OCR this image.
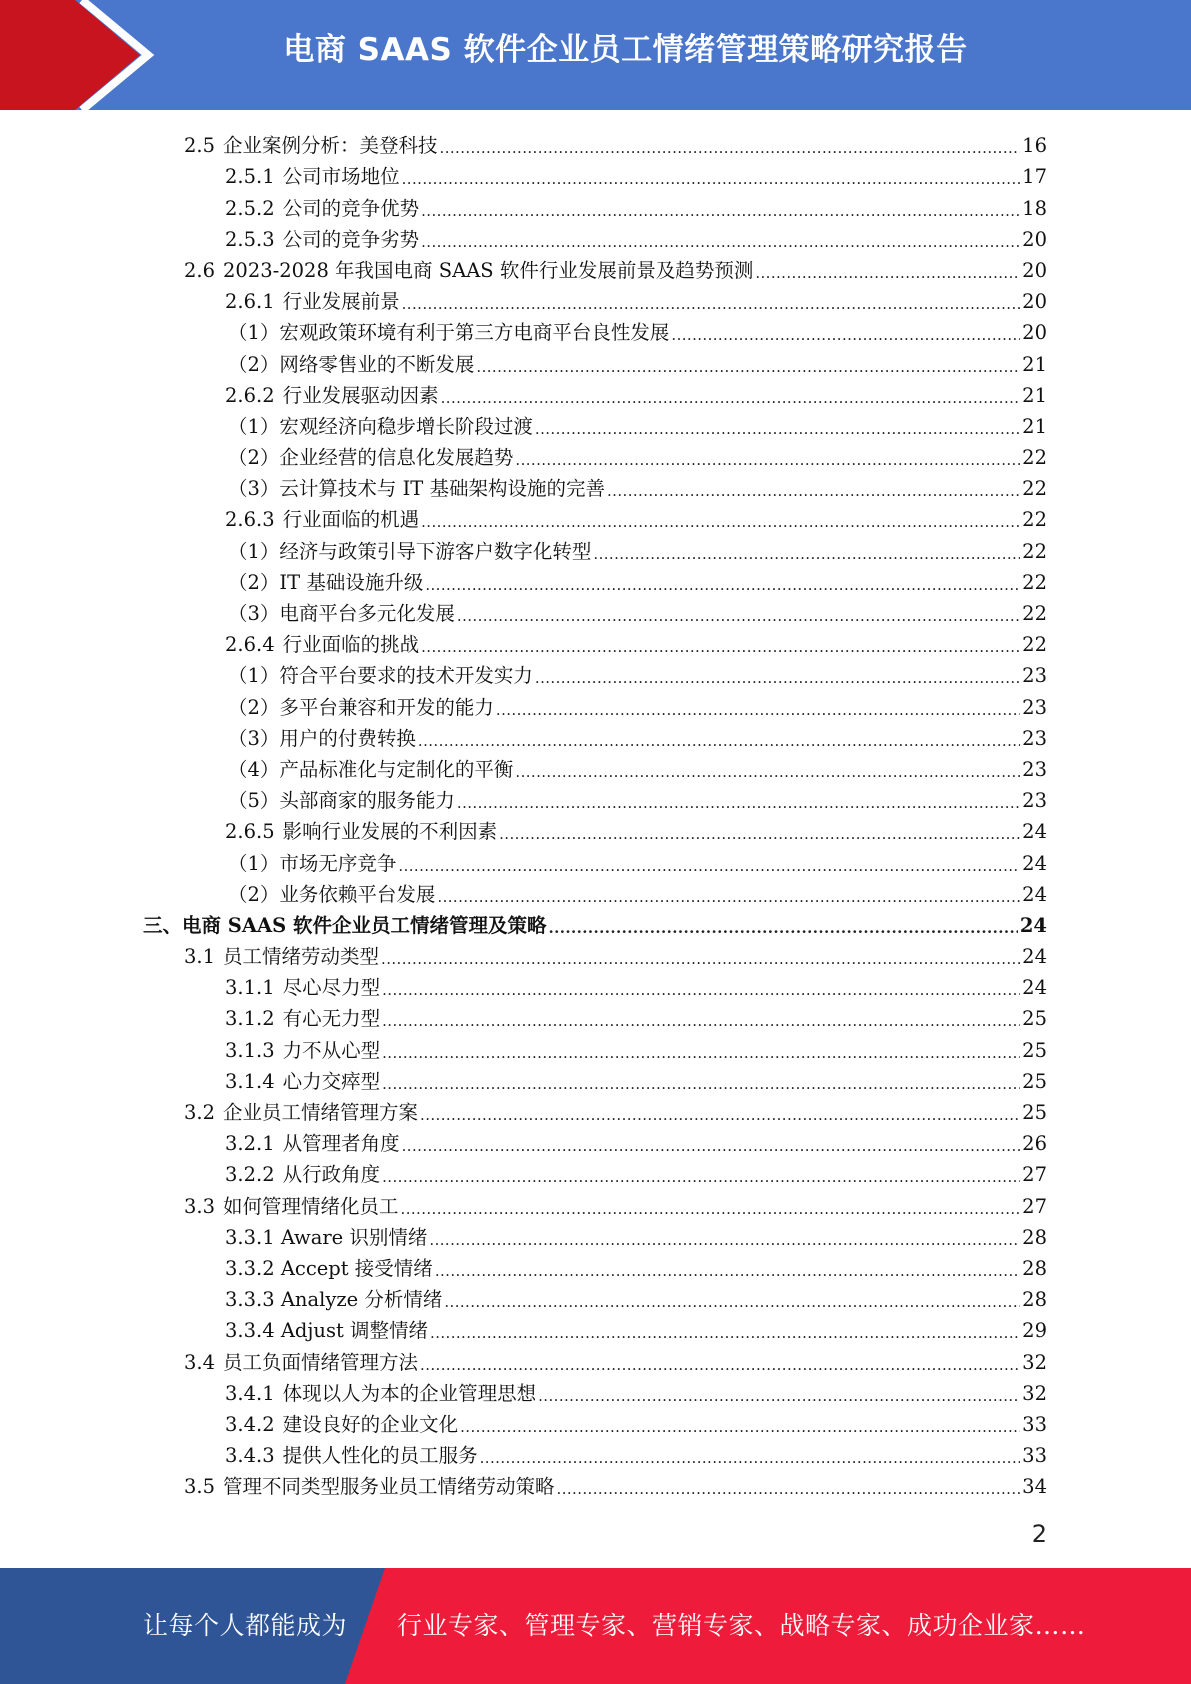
电商 SAAS 软件企业员工情绪管理策略研究报告
2.5 企业案例分析：美登科技 .....	16
2.5.1 公司市场地位 .....	17
2.5.2 公司的竞争优势 .....	18
2.5.3 公司的竞争劣势 .....	20
2.6 2023-2028 年我国电商 SAAS 软件行业发展前景及趋势预测 .....	20
2.6.1 行业发展前景 .....	20
（1）宏观政策环境有利于第三方电商平台良性发展 .....	20
（2）网络零售业的不断发展 .....	21
2.6.2 行业发展驱动因素 .....	21
（1）宏观经济向稳步增长阶段过渡 .....	21
（2）企业经营的信息化发展趋势 .....	22
（3）云计算技术与 IT 基础架构设施的完善 .....	22
2.6.3 行业面临的机遇 .....	22
（1）经济与政策引导下游客户数字化转型 .....	22
（2）IT 基础设施升级 .....	22
（3）电商平台多元化发展 .....	22
2.6.4 行业面临的挑战 .....	22
（1）符合平台要求的技术开发实力 .....	23
（2）多平台兼容和开发的能力 .....	23
（3）用户的付费转换 .....	23
（4）产品标准化与定制化的平衡 .....	23
（5）头部商家的服务能力 .....	23
2.6.5 影响行业发展的不利因素 .....	24
（1）市场无序竞争 .....	24
（2）业务依赖平台发展 .....	24
三、电商 SAAS 软件企业员工情绪管理及策略 .....	24
3.1 员工情绪劳动类型 .....	24
3.1.1 尽心尽力型 .....	24
3.1.2 有心无力型 .....	25
3.1.3 力不从心型 .....	25
3.1.4 心力交瘁型 .....	25
3.2 企业员工情绪管理方案 .....	25
3.2.1 从管理者角度 .....	26
3.2.2 从行政角度 .....	27
3.3 如何管理情绪化员工 .....	27
3.3.1 Aware 识别情绪 .....	28
3.3.2 Accept 接受情绪 .....	28
3.3.3 Analyze 分析情绪 .....	28
3.3.4 Adjust 调整情绪 .....	29
3.4 员工负面情绪管理方法 .....	32
3.4.1 体现以人为本的企业管理思想 .....	32
3.4.2 建设良好的企业文化 .....	33
3.4.3 提供人性化的员工服务 .....	33
3.5 管理不同类型服务业员工情绪劳动策略 .....	34
2
让每个人都能成为 行业专家、管理专家、营销专家、战略专家、成功企业家……
